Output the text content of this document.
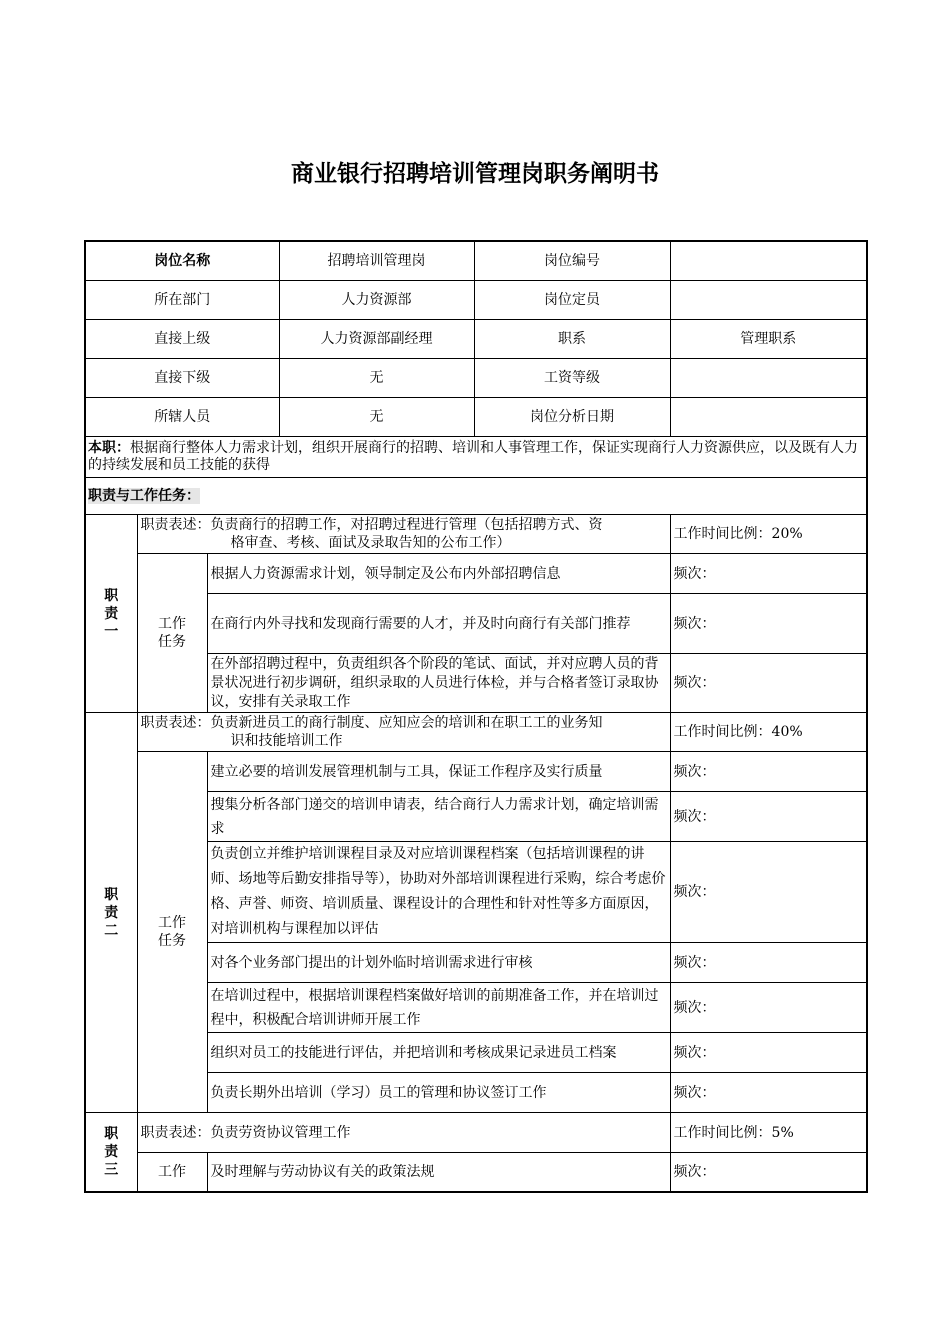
商业银行招聘培训管理岗职务阐明书
岗位名称			招聘培训管理岗	岗位编号	
所在部门			人力资源部	岗位定员	
直接上级			人力资源部副经理	职系	管理职系
直接下级			无	工资等级	
所辖人员			无	岗位分析日期	
本职：根据商行整体人力需求计划，组织开展商行的招聘、培训和人事管理工作，保证实现商行人力资源供应，以及既有人力的持续发展和员工技能的获得					
职责与工作任务：					

职
责
一	职责表述：负责商行的招聘工作，对招聘过程进行管理（包括招聘方式、资
格审查、考核、面试及录取告知的公布工作）				工作时间比例：20%

	工作
任务	根据人力资源需求计划，领导制定及公布内外部招聘信息			频次：
		在商行内外寻找和发现商行需要的人才，并及时向商行有关部门推荐			频次：
		在外部招聘过程中，负责组织各个阶段的笔试、面试，并对应聘人员的背景状况进行初步调研，组织录取的人员进行体检，并与合格者签订录取协议，安排有关录取工作			频次：

职
责
二	职责表述：负责新进员工的商行制度、应知应会的培训和在职工工的业务知
识和技能培训工作				工作时间比例：40%

	工作
任务	建立必要的培训发展管理机制与工具，保证工作程序及实行质量			频次：
		搜集分析各部门递交的培训申请表，结合商行人力需求计划，确定培训需求			频次：
		负责创立并维护培训课程目录及对应培训课程档案（包括培训课程的讲师、场地等后勤安排指导等），协助对外部培训课程进行采购，综合考虑价格、声誉、师资、培训质量、课程设计的合理性和针对性等多方面原因，对培训机构与课程加以评估			频次：
		对各个业务部门提出的计划外临时培训需求进行审核			频次：
		在培训过程中，根据培训课程档案做好培训的前期准备工作，并在培训过程中，积极配合培训讲师开展工作			频次：
		组织对员工的技能进行评估，并把培训和考核成果记录进员工档案			频次：
		负责长期外出培训（学习）员工的管理和协议签订工作			频次：

职
责
三	职责表述：负责劳资协议管理工作				工作时间比例：5%
	工作	及时理解与劳动协议有关的政策法规			频次：
